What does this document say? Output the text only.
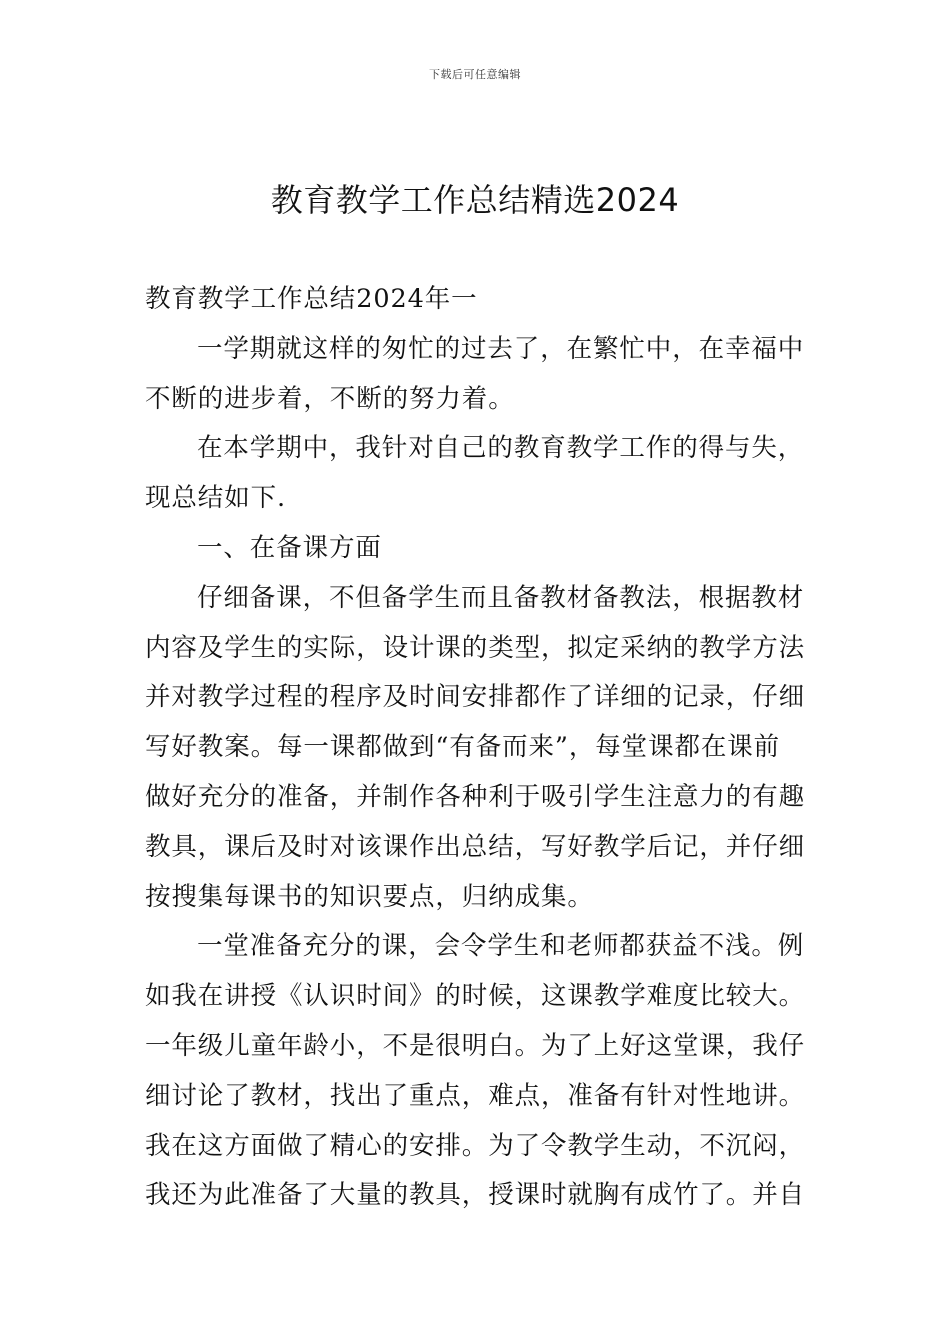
下载后可任意编辑
教育教学工作总结精选2024
教育教学工作总结2024年一
一学期就这样的匆忙的过去了，在繁忙中，在幸福中
不断的进步着，不断的努力着。
在本学期中，我针对自己的教育教学工作的得与失，
现总结如下.
一、在备课方面
仔细备课，不但备学生而且备教材备教法，根据教材
内容及学生的实际，设计课的类型，拟定采纳的教学方法
并对教学过程的程序及时间安排都作了详细的记录，仔细
写好教案。每一课都做到“有备而来”，每堂课都在课前
做好充分的准备，并制作各种利于吸引学生注意力的有趣
教具，课后及时对该课作出总结，写好教学后记，并仔细
按搜集每课书的知识要点，归纳成集。
一堂准备充分的课，会令学生和老师都获益不浅。例
如我在讲授《认识时间》的时候，这课教学难度比较大。
一年级儿童年龄小，不是很明白。为了上好这堂课，我仔
细讨论了教材，找出了重点，难点，准备有针对性地讲。
我在这方面做了精心的安排。为了令教学生动，不沉闷，
我还为此准备了大量的教具，授课时就胸有成竹了。并自
